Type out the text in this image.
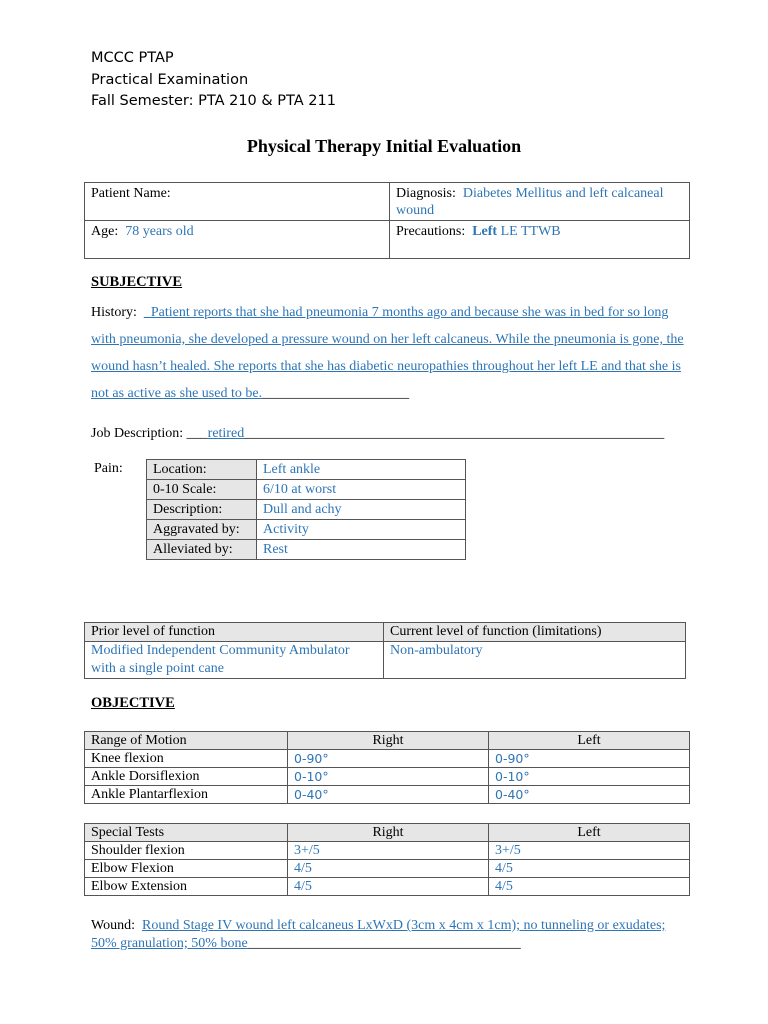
MCCC PTAP
Practical Examination
Fall Semester: PTA 210 & PTA 211
Physical Therapy Initial Evaluation
Patient Name:	Diagnosis: Diabetes Mellitus and left calcaneal wound
Age: 78 years old	Precautions: Left LE TTWB
SUBJECTIVE
History: _Patient reports that she had pneumonia 7 months ago and because she was in bed for so long with pneumonia, she developed a pressure wound on her left calcaneus. While the pneumonia is gone, the wound hasn’t healed. She reports that she has diabetic neuropathies throughout her left LE and that she is not as active as she used to be._____________________
Job Description: ___retired____________________________________________________________
Pain: Location:	Left ankle
0-10 Scale:	6/10 at worst
Description:	Dull and achy
Aggravated by:	Activity
Alleviated by:	Rest
Prior level of function	Current level of function (limitations)
Modified Independent Community Ambulator with a single point cane	Non-ambulatory
OBJECTIVE
Range of Motion	Right	Left
Knee flexion	0-90°	0-90°
Ankle Dorsiflexion	0-10°	0-10°
Ankle Plantarflexion	0-40°	0-40°
Special Tests	Right	Left
Shoulder flexion	3+/5	3+/5
Elbow Flexion	4/5	4/5
Elbow Extension	4/5	4/5
Wound: Round Stage IV wound left calcaneus LxWxD (3cm x 4cm x 1cm); no tunneling or exudates; 50% granulation; 50% bone_______________________________________
